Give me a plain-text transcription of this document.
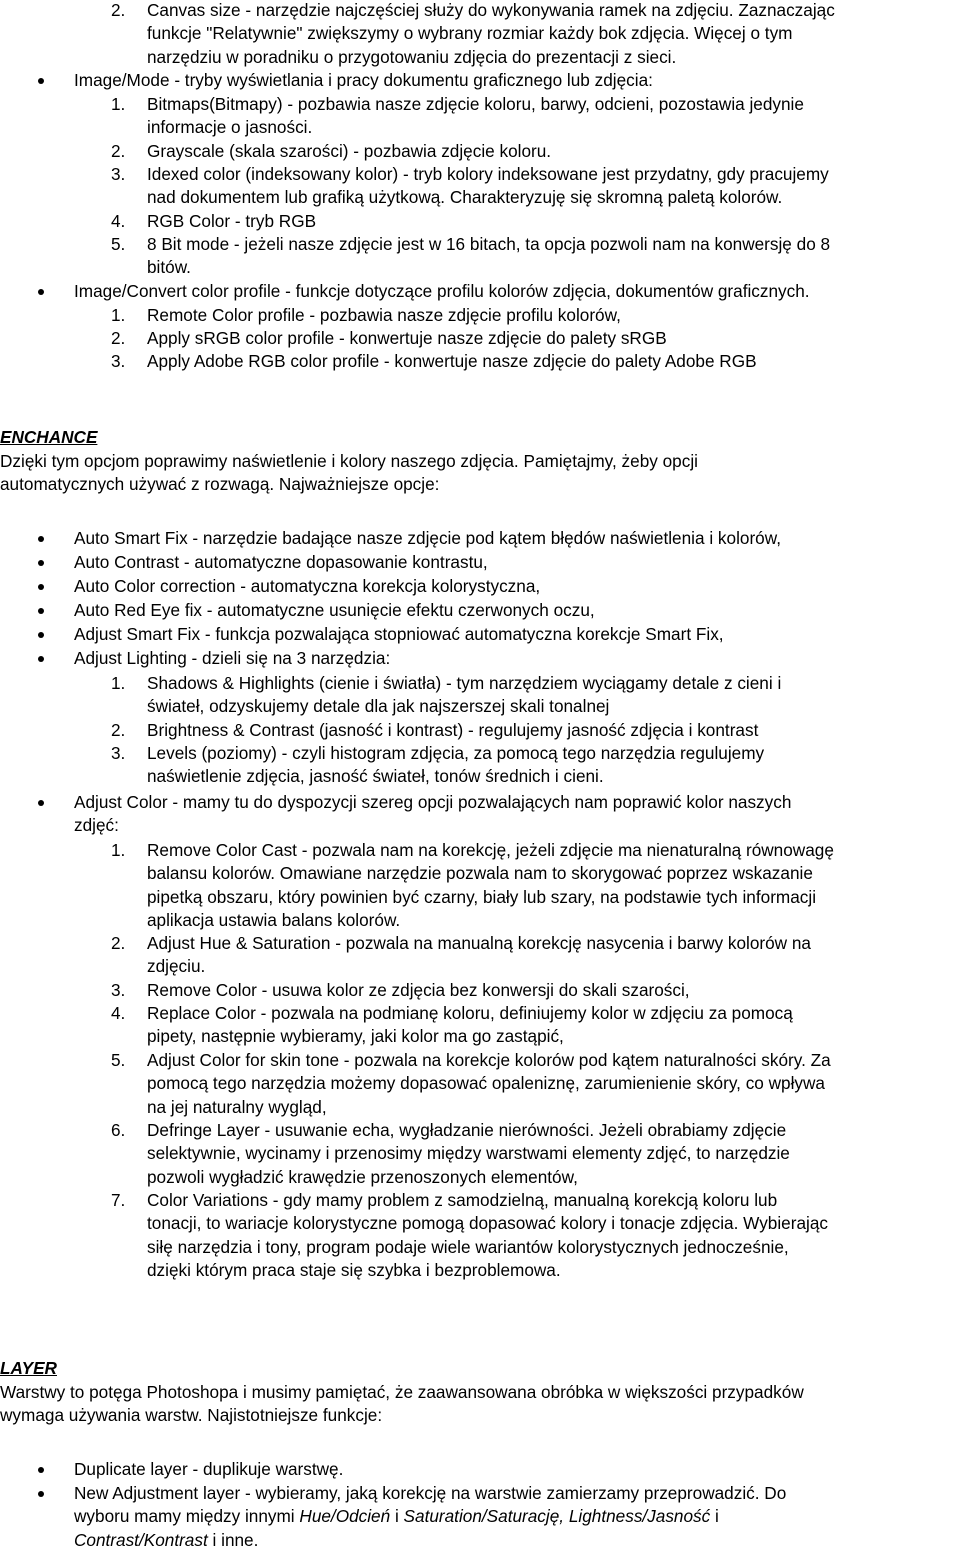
2. Canvas size - narzędzie najczęściej służy do wykonywania ramek na zdjęciu. Zaznaczając
funkcje "Relatywnie" zwiększymy o wybrany rozmiar każdy bok zdjęcia. Więcej o tym
narzędziu w poradniku o przygotowaniu zdjęcia do prezentacji z sieci.
Image/Mode - tryby wyświetlania i pracy dokumentu graficznego lub zdjęcia:
1. Bitmaps(Bitmapy) - pozbawia nasze zdjęcie koloru, barwy, odcieni, pozostawia jedynie
informacje o jasności.
2. Grayscale (skala szarości) - pozbawia zdjęcie koloru.
3. Idexed color (indeksowany kolor) - tryb kolory indeksowane jest przydatny, gdy pracujemy
nad dokumentem lub grafiką użytkową. Charakteryzuję się skromną paletą kolorów.
4. RGB Color - tryb RGB
5. 8 Bit mode - jeżeli nasze zdjęcie jest w 16 bitach, ta opcja pozwoli nam na konwersję do 8
bitów.
Image/Convert color profile - funkcje dotyczące profilu kolorów zdjęcia, dokumentów graficznych.
1. Remote Color profile - pozbawia nasze zdjęcie profilu kolorów,
2. Apply sRGB color profile - konwertuje nasze zdjęcie do palety sRGB
3. Apply Adobe RGB color profile - konwertuje nasze zdjęcie do palety Adobe RGB
ENCHANCE
Dzięki tym opcjom poprawimy naświetlenie i kolory naszego zdjęcia. Pamiętajmy, żeby opcji
automatycznych używać z rozwagą. Najważniejsze opcje:
Auto Smart Fix - narzędzie badające nasze zdjęcie pod kątem błędów naświetlenia i kolorów,
Auto Contrast - automatyczne dopasowanie kontrastu,
Auto Color correction - automatyczna korekcja kolorystyczna,
Auto Red Eye fix - automatyczne usunięcie efektu czerwonych oczu,
Adjust Smart Fix - funkcja pozwalająca stopniować automatyczna korekcje Smart Fix,
Adjust Lighting - dzieli się na 3 narzędzia:
1. Shadows & Highlights (cienie i światła) - tym narzędziem wyciągamy detale z cieni i
świateł, odzyskujemy detale dla jak najszerszej skali tonalnej
2. Brightness & Contrast (jasność i kontrast) - regulujemy jasność zdjęcia i kontrast
3. Levels (poziomy) - czyli histogram zdjęcia, za pomocą tego narzędzia regulujemy
naświetlenie zdjęcia, jasność świateł, tonów średnich i cieni.
Adjust Color - mamy tu do dyspozycji szereg opcji pozwalających nam poprawić kolor naszych
zdjęć:
1. Remove Color Cast - pozwala nam na korekcję, jeżeli zdjęcie ma nienaturalną równowagę
balansu kolorów. Omawiane narzędzie pozwala nam to skorygować poprzez wskazanie
pipetką obszaru, który powinien być czarny, biały lub szary, na podstawie tych informacji
aplikacja ustawia balans kolorów.
2. Adjust Hue & Saturation - pozwala na manualną korekcję nasycenia i barwy kolorów na
zdjęciu.
3. Remove Color - usuwa kolor ze zdjęcia bez konwersji do skali szarości,
4. Replace Color - pozwala na podmianę koloru, definiujemy kolor w zdjęciu za pomocą
pipety, następnie wybieramy, jaki kolor ma go zastąpić,
5. Adjust Color for skin tone - pozwala na korekcje kolorów pod kątem naturalności skóry. Za
pomocą tego narzędzia możemy dopasować opaleniznę, zarumienienie skóry, co wpływa
na jej naturalny wygląd,
6. Defringe Layer - usuwanie echa, wygładzanie nierówności. Jeżeli obrabiamy zdjęcie
selektywnie, wycinamy i przenosimy między warstwami elementy zdjęć, to narzędzie
pozwoli wygładzić krawędzie przenoszonych elementów,
7. Color Variations - gdy mamy problem z samodzielną, manualną korekcją koloru lub
tonacji, to wariacje kolorystyczne pomogą dopasować kolory i tonacje zdjęcia. Wybierając
siłę narzędzia i tony, program podaje wiele wariantów kolorystycznych jednocześnie,
dzięki którym praca staje się szybka i bezproblemowa.
LAYER
Warstwy to potęga Photoshopa i musimy pamiętać, że zaawansowana obróbka w większości przypadków
wymaga używania warstw. Najistotniejsze funkcje:
Duplicate layer - duplikuje warstwę.
New Adjustment layer - wybieramy, jaką korekcję na warstwie zamierzamy przeprowadzić. Do
wyboru mamy między innymi Hue/Odcień i Saturation/Saturację, Lightness/Jasność i
Contrast/Kontrast i inne.
